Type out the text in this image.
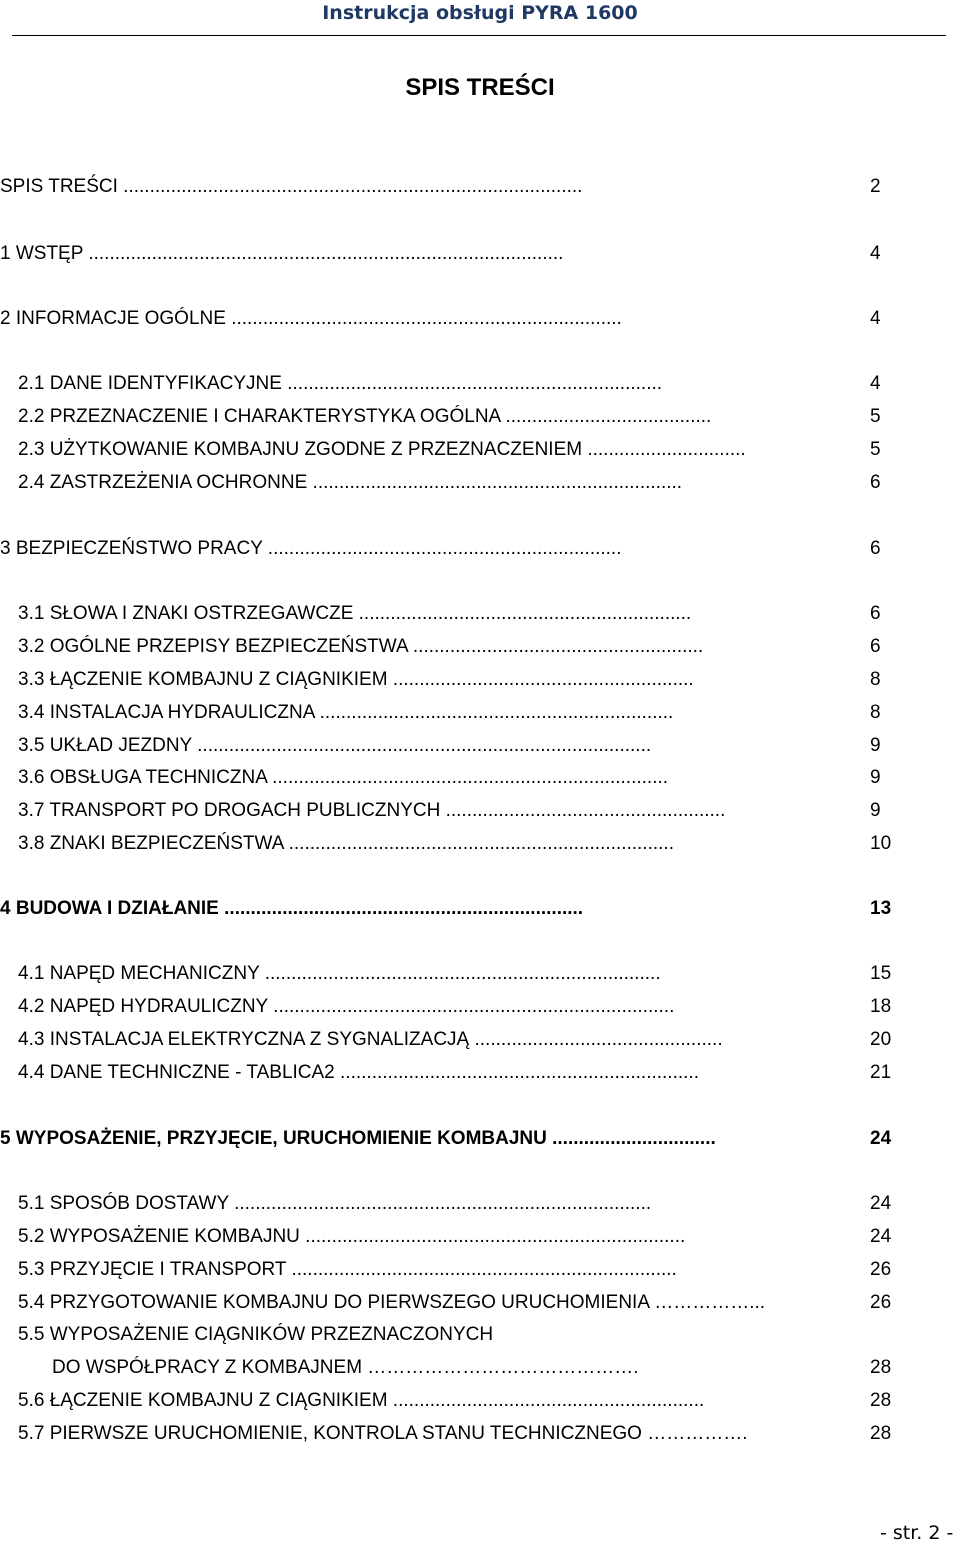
Instrukcja obsługi PYRA 1600
SPIS TREŚCI
SPIS TREŚCI .......................................................................................	2
1 WSTĘP ..........................................................................................	4
2 INFORMACJE OGÓLNE ..........................................................................	4
2.1 DANE IDENTYFIKACYJNE .......................................................................	4
2.2 PRZEZNACZENIE I CHARAKTERYSTYKA OGÓLNA .......................................	5
2.3 UŻYTKOWANIE KOMBAJNU ZGODNE Z PRZEZNACZENIEM ..............................	5
2.4 ZASTRZEŻENIA OCHRONNE ......................................................................	6
3 BEZPIECZEŃSTWO PRACY ...................................................................	6
3.1 SŁOWA I ZNAKI OSTRZEGAWCZE ...............................................................	6
3.2 OGÓLNE PRZEPISY BEZPIECZEŃSTWA .......................................................	6
3.3 ŁĄCZENIE KOMBAJNU Z CIĄGNIKIEM .........................................................	8
3.4 INSTALACJA HYDRAULICZNA ...................................................................	8
3.5 UKŁAD JEZDNY ......................................................................................	9
3.6 OBSŁUGA TECHNICZNA ...........................................................................	9
3.7 TRANSPORT PO DROGACH PUBLICZNYCH .....................................................	9
3.8 ZNAKI BEZPIECZEŃSTWA .........................................................................	10
4 BUDOWA I DZIAŁANIE ....................................................................	13
4.1 NAPĘD MECHANICZNY ...........................................................................	15
4.2 NAPĘD HYDRAULICZNY ............................................................................	18
4.3 INSTALACJA ELEKTRYCZNA Z SYGNALIZACJĄ ...............................................	20
4.4 DANE TECHNICZNE - TABLICA2 ....................................................................	21
5 WYPOSAŻENIE, PRZYJĘCIE, URUCHOMIENIE KOMBAJNU ...............................	24
5.1 SPOSÓB DOSTAWY ...............................................................................	24
5.2 WYPOSAŻENIE KOMBAJNU ........................................................................	24
5.3 PRZYJĘCIE I TRANSPORT .........................................................................	26
5.4 PRZYGOTOWANIE KOMBAJNU DO PIERWSZEGO URUCHOMIENIA ……………...	26
5.5 WYPOSAŻENIE CIĄGNIKÓW PRZEZNACZONYCH
DO WSPÓŁPRACY Z KOMBAJNEM …………………………………….	28
5.6 ŁĄCZENIE KOMBAJNU Z CIĄGNIKIEM ...........................................................	28
5.7 PIERWSZE URUCHOMIENIE, KONTROLA STANU TECHNICZNEGO …………….	28
- str. 2 -
